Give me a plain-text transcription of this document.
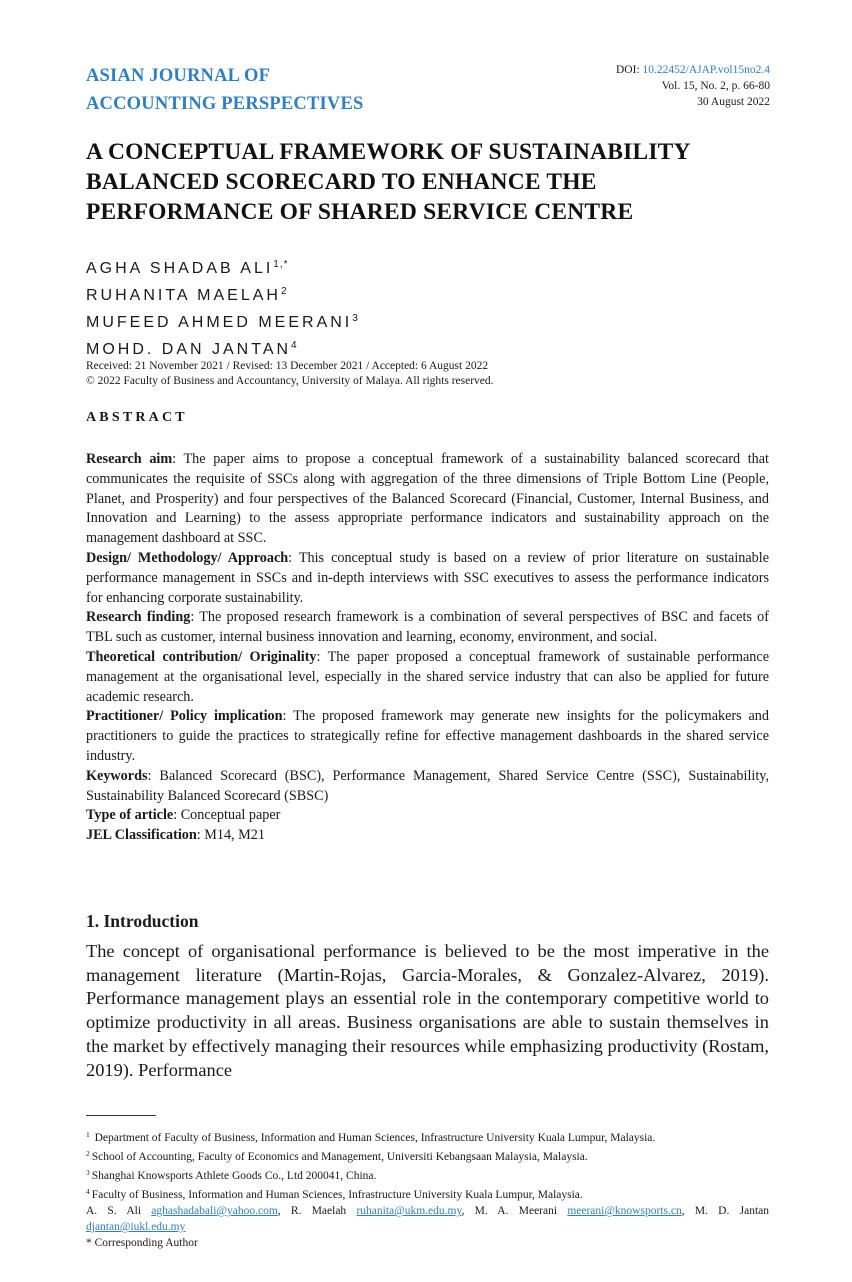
ASIAN JOURNAL OF
ACCOUNTING PERSPECTIVES
DOI: 10.22452/AJAP.vol15no2.4
Vol. 15, No. 2, p. 66-80
30 August 2022
A CONCEPTUAL FRAMEWORK OF SUSTAINABILITY
BALANCED SCORECARD TO ENHANCE THE
PERFORMANCE OF SHARED SERVICE CENTRE
AGHA SHADAB $ALI^{1,*}$
RUHANITA MAELAH$^2$
MUFEED AHMED MEERANI$^3$
MOHD. DAN JANTAN$^4$
Received: 21 November 2021 / Revised: 13 December 2021 / Accepted: 6 August 2022
© 2022 Faculty of Business and Accountancy, University of Malaya. All rights reserved.
ABSTRACT

Research aim: The paper aims to propose a conceptual framework of a sustainability balanced scorecard that communicates the requisite of SSCs along with aggregation of the three dimensions of Triple Bottom Line (People, Planet, and Prosperity) and four perspectives of the Balanced Scorecard (Financial, Customer, Internal Business, and Innovation and Learning) to the assess appropriate performance indicators and sustainability approach on the management dashboard at SSC.

Design/ Methodology/ Approach: This conceptual study is based on a review of prior literature on sustainable performance management in SSCs and in-depth interviews with SSC executives to assess the performance indicators for enhancing corporate sustainability.

Research finding: The proposed research framework is a combination of several perspectives of BSC and facets of TBL such as customer, internal business innovation and learning, economy, environment, and social.

Theoretical contribution/ Originality: The paper proposed a conceptual framework of sustainable performance management at the organisational level, especially in the shared service industry that can also be applied for future academic research.

Practitioner/ Policy implication: The proposed framework may generate new insights for the policymakers and practitioners to guide the practices to strategically refine for effective management dashboards in the shared service industry.

Keywords: Balanced Scorecard (BSC), Performance Management, Shared Service Centre (SSC), Sustainability, Sustainability Balanced Scorecard (SBSC)

Type of article: Conceptual paper

JEL Classification: M14, M21

1. Introduction

The concept of organisational performance is believed to be the most imperative in the management literature (Martin-Rojas, Garcia-Morales, & Gonzalez-Alvarez, 2019). Performance management plays an essential role in the contemporary competitive world to optimize productivity in all areas. Business organisations are able to sustain themselves in the market by effectively managing their resources while emphasizing productivity (Rostam, 2019). Performance

$^1$ Department of Faculty of Business, Information and Human Sciences, Infrastructure University Kuala Lumpur, Malaysia.

$^2$ School of Accounting, Faculty of Economics and Management, Universiti Kebangsaan Malaysia, Malaysia.

$^3$ Shanghai Knowsports Athlete Goods Co., Ltd 200041, China.

$^4$ Faculty of Business, Information and Human Sciences, Infrastructure University Kuala Lumpur, Malaysia.

A. S. Ali aghashadabali@yahoo.com, R. Maelah ruhanita@ukm.edu.my, M. A. Meerani meerani@knowsports.cn, M. D. Jantan djantan@iukl.edu.my

* Corresponding Author
